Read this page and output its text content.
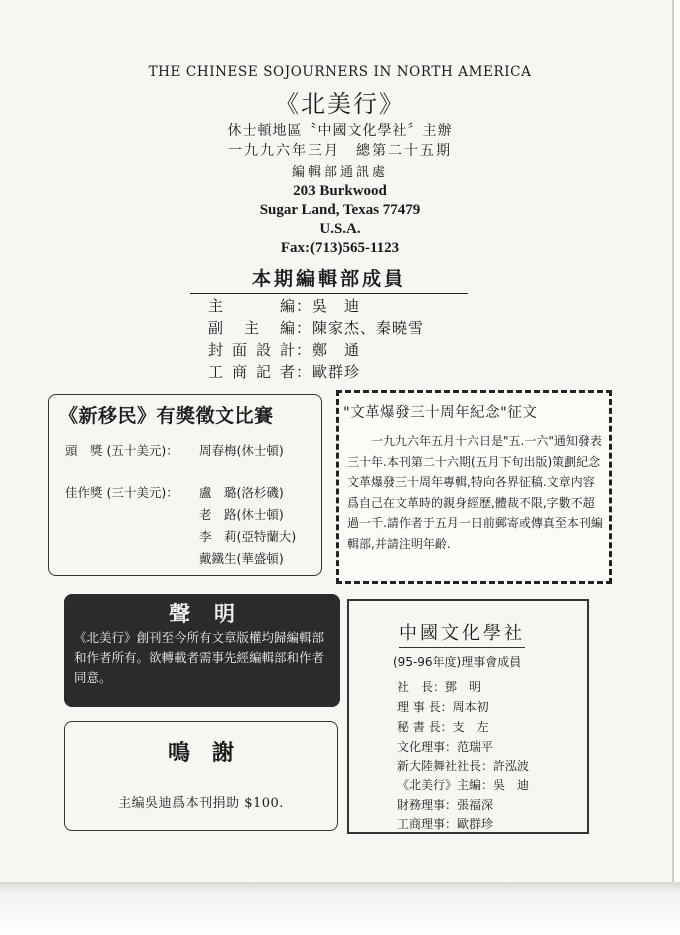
THE CHINESE SOJOURNERS IN NORTH AMERICA
《北美行》
休士頓地區〝中國文化學社〞主辦
一九九六年三月　總第二十五期
編輯部通訊處
203 Burkwood
Sugar Land, Texas 77479
U.S.A.
Fax:(713)565-1123
本期編輯部成員
主編：吳　迪
副主編：陳家杰、秦曉雪
封面設計：鄭　通
工商記者：歐群珍
《新移民》有獎徵文比賽
頭　獎 (五十美元)： 周春梅(休士頓)
佳作獎 (三十美元)： 盧　璐(洛杉磯)
老　路(休士頓)
李　莉(亞特蘭大)
戴鐵生(華盛頓)
"文革爆發三十周年紀念"征文
一九九六年五月十六日是"五.一六"通知發表三十年.本刊第二十六期(五月下旬出版)策劃紀念文革爆發三十周年專輯,特向各界征稿.文章内容爲自己在文革時的親身經歷,體裁不限,字數不超過一千.請作者于五月一日前郵寄或傳真至本刊編輯部,并請注明年齡.
聲明
《北美行》創刊至今所有文章版權均歸編輯部和作者所有。欲轉載者需事先經編輯部和作者同意。
鳴謝
主编吳迪爲本刊捐助 $100.
中國文化學社
(95-96年度)理事會成員
社　長：鄧　明
理 事 長：周本初
秘 書 長：支　左
文化理事：范瑞平
新大陸舞社社長：許泓波
《北美行》主編：吳　迪
財務理事：張福深
工商理事：歐群珍
